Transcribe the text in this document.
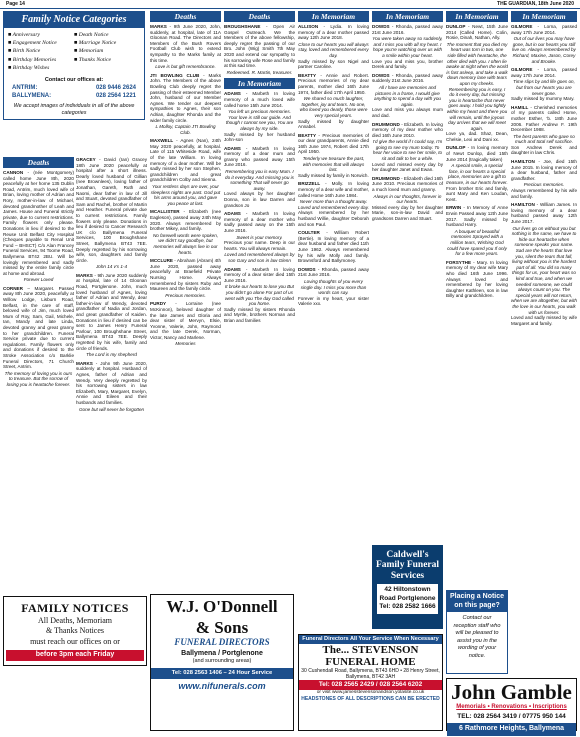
Page 14	THE GUARDIAN, 18th June 2020
Family Notice Categories
■ Anniversary
■ Engagement Notice
■ Birth Notice
■ Birthday Memories
■ Birthday Wishes
■ Death Notice
■ Marriage Notice
■ Memoriam
■ Thanks Notice
Contact our offices at:
ANTRIM:	028 9446 2624
BALLYMENA:	028 2564 1221
We accept images of individuals in all of the above categories
Deaths
CANNON - (née Montgomery) called home June 8th, 2020 peacefully at her home 135 Dublin Road, Antrim, much loved wife of Brian, loving mother of Adrian and Rory, mother-in-law of Michael, devoted grandmother of Leah and James. House and Funeral strictly private, due to current restrictions. Family flowers only please. Donations in lieu if desired to the Reuse Unit Belfast City Hospital (Cheques payable to Renal Unit Fund – BHSCT) C/o Alan Francey Funeral Services, 94 Toome Road, Ballymena BT42 2BU. Will be lovingly remembered and sadly missed by the entire family circle at home and abroad.
Forever Loved
CORNER – Margaret. Passed away 8th June 2020, peacefully at Willow Lodge, Lisburn Road, Belfast, in the care of staff, beloved wife of Jim, much loved Mum of Roy, Sam, Gail, Michele, Ian, Mandy and late Linda, devoted granny and great granny to her grandchildren. Funeral Service private due to current regulations. Family flowers only and donations if desired to the Stroke Association c/o Barklie Funeral Directors, 71 Church Street, Antrim.
The memory of loving you is ours to treasure. But the sorrow of losing you is heartache forever.
FAMILY NOTICES
All Deaths, Memoriam
& Thanks Notices
must reach our offices on or
before 3pm each Friday
GRACEY - David (Ian) Gracey 18th June 2020 peacefully at hospital after a short illness. Dearly loved husband of Gillian (nee Brownlees), loving father of Jonathan, Gareth, Ruth and Naomi, dear father in law of Jill and Stuart, devoted grandfather of Sam and Rachel, brother of Martin and Heather. Funeral private due to current restrictions. Family flowers only please. Donations in lieu if desired to Cancer Research UK c/o Ballymena Funeral Services, 100 Broughshane Street, Ballymena BT43 7EE. Deeply regretted by his sorrowing wife, son, daughters and family circle.
John 14 v's 1-4
MARKS - 9th June 2020 suddenly at hospital, late of 14 Gloonan Road, Portglenone. John, much loved husband of Agnes, loving father of Adrian and Wendy, dear father-in-law of Wendy, devoted grandfather of Nadia and Jordan, and great grandfather of Kaiden. Donations in lieu if desired can be sent to James Henry Funeral Parlour, 100 Broughshane Street, Ballymena BT43 7EE. Deeply regretted by his wife, family and circle of friends.
The Lord is my shepherd
MARKS - John 9th June 2020, suddenly at hospital. Husband of Agnes, father of Adrian and Wendy. Very deeply regretted by his sorrowing sisters in law Elizabeth, Mary, Margaret, Evelyn, Annie and Eileen and their husbands and families.
Gone but will never be forgotten
Deaths
MARKS - 9th June 2020, John, suddenly, at hospital, late of 11A Gloonan Road. The Directors and Members of the Bush Rovers Football Club wish to extend sympathy to the Marks family at this time.
Love is but gift remembrance.
JTI BOWLING CLUB - Marks John. The Members of the above Bowling Club deeply regret the passing of their esteemed Member John, husband of our Member Agnes. We tender our deepest sympathies to Agnes, their son Adrian, daughter Rhonda and the wider family circle.
L Molloy, Captain JTI Bowling Club.
MAXWELL - Agnes (Nan), 24th May 2020 peacefully, at hospital. Late of 115 Whiteside Road, wife of the late William. In loving memory of a dear mother. Will be sadly missed by her son Stephen, grandchildren and great grandchildren Colby and Sienna.
Your restless days are over, your sleepless nights are past. God put his arms around you, and gave you peace at last.
MCALLISTER - Elizabeth (nee Eagleson), passed away 24th May 2020. Always remembered by brother Mikey, and family.
No farewell words were spoken, we didn't say goodbye, but memories will always live in our hearts.
MCCLURE - Abraham (Abram) 4th June 2020, passed away peacefully at Braefield Private Nursing Home. Always remembered by sisters Ruby and Maureen and the family circle.
Precious memories.
PURDY - Lorraine (nee McKinnon), beloved daughter of the late James and Gloria and dear sister of Mervyn, Elsie, Yvonne, Valerie, John, Raymond and the late Derek, Norman, Victor, Nancy and Marlene.
Memories
Deaths
BROUGHSHANE - Open Air Gospel Outreach. We the Members of the above fellowship, deeply regret the passing of our Bro. John (Wig) Smith 7th May 2020 and extend our sympathy to his sorrowing wife Rose and family at this sad time.
Redeemed. R. Martin, treasurer.
In Memoriam
ADAMS - Marbeth In loving memory of a much loved wife called home 15th June 2014.
You left us precious memories. Your love is still our guide. And though I cannot see you, You are always by my side.
Sadly missed by her husband John-son
ADAMS - Marbeth In loving memory of a dear mum and granny who passed away 15th June 2016.
Remembering you is easy Mum. I do it everyday. And missing you is something That will never go away.
Loved always by her daughter Donna, son in law Darren and grandson Jo
ADAMS - Marbeth In loving memory of a dear mother who sadly passed away on the 15th June 2016.
Sweet is your memory.
Precious your name. Deep in our hearts. You will always remain.
Loved and remembered always by son Gary and son in law Glenn
ADAMS - Marbeth In loving memory of a dear sister died 15th June 2016.
It broke our hearts to lose you But you didn't go alone For part of us went with you The day God called you home.
Sadly missed by sisters Rhonda and Myrtle, brothers Norman and Brian and families
In Memoriam
ALLISON - Lydia. In loving memory of a dear mother passed away 12th June 2018.
Close to our hearts you will always stay, loved and remembered every day.
Sadly missed by son Nigel and partner Caroline.
BEATTY - Annie and Robert. Precious memories of my dear parents, mother died 16th June 1974, father died 17th April 1950.
We shared so much laughter, together, joy and tears. No one, who loved you dearly, those were very special years.
Sadly missed by daughter Annabel.
BEATTY - Precious memories of our dear grandparents, Annie died 16th June 1974, Robert died 17th April 1950.
Tenderly we treasure the past, with memories that will always last.
Sadly missed by family in Norwich.
BRIZZELL - Molly. In loving memory of a dear wife and mother, called Home 16th June 1984.
Never more than a thought away. Loved and remembered every day.
Always remembered by her husband Willie, daughter Deborah and son Paul.
COULTER - William Robert (Bertie). In loving memory of a dear husband and father died 11th June 1962. Always remembered by his wife Molly and family. Brownsford and Ballymoney.
DOWDS - Rhonda, passed away 21st June 2016.
Loving thoughts of you every single day. I miss you more than words can say.
Forever in my heart, your sister Valerie xxx.
In Memoriam
DOWDS - Rhonda, passed away 21st June 2016.
You were taken away so suddenly, and I miss you with all my heart. I hope you're watching over us with a smile within your heart.
Love you and miss you, brother Derek and family.
DOWDS - Rhonda, passed away suddenly 21st June 2016.
All I have are memories and pictures in a frame, I would give anything to spend a day with you again.
Love and miss you always mum and dad.
DRUMMOND - Elizabeth. In loving memory of my dear mother who died 16th June 2010.
I'd give the world if I could say, I'm going to see my mum today. To hear her voice to see her smile, to sit and talk to her a while.
Loved and missed every day by her daughter Janet and Ewan.
DRUMMOND - Elizabeth died 16th June 2010. Precious memories of a much loved mum and granny.
Always in our thoughts, forever in our hearts.
Missed every day by her daughter Marie, son-in-law David and grandsons Darren and Stuart.
In Memoriam
DUNLOP - Newt, 15th June 2014 (Called Home). Colin, Rosie, Dinah, Nathan, Ally.
The moment that you died my heart was torn in two, one side filled with heartache, the other died with you. I often lie awake at night when the world is fast asleep, and take a walk down memory lane with tears upon my cheeks. Remembering you is easy, I do it every day, but missing you is heartache that never goes away. I hold you tightly within my heart and there you will remain, until the joyous day arrives that we will meet again.
Love ya, dad. Shaz, Dean, Chelsie, Lexi and Dani xx.
DUNLOP - In loving memory of Newt Dunlop, died 15th June 2014 (tragically taken)
A special smile, a special face, in our hearts a special place, memories are a gift to treasure, in our hearts forever.
From brother Eric and family, aunt Mary and Ken Loudan, Kent.
ERWIN - In Memory of Anne Erwin Passed away 12th June 2017. Sadly missed by husband Harry.
A bouquet of beautiful memories Sprayed with a million tears, Wishing God could have spared you If only for a few more years.
FORSYTHE - Mary. In loving memory of my dear wife Mary who died 16th June 1996. Always loved and remembered by her loving daughter Kathleen, son in law Billy and grandchildren.
In Memoriam
GILMORE - Lorna, passed away 17th June 2014.
Out of our lives you may have gone, but in our hearts you still live on. Always remembered by Richard, Maxine, Jason, Corey and Brooke.
GILMORE - Lorna, passed away 17th June 2014.
Time slips by and life goes on, but from our hearts you are never gone.
Sadly missed by mummy Mary.
HAMILL - Cherished memories of my parents called Home, mother Esther, 'b. 18th June 2006. Father Andrew F. 19th December 1988.
The best parents who gave so much and total self sacrifice.
Son Andrew Derek and daughter in law Chris.
HAMILTON - Joe, died 15th June 2015. In loving memory of a dear husband, father and grandfather.
Precious memories.
Always remembered by his wife and family.
HAMILTON - William James. In loving memory of a dear husband passed away 12th June 2017.
Our lives go on without you but nothing is the same, we have to hide our heartache when someone speaks your name. Sad are the hearts that love you, silent the tears that fall, living without you is the hardest part of all. You did so many things for us, your heart was so kind and true, and when we needed someone, we could always count on you. The special years will not return, when we are altogether, but with the love in our hearts, you walk with us forever.
Loved and sadly missed by wife Margaret and family.
W.J. O'Donnell
& Sons
FUNERAL DIRECTORS
Ballymena / Portglenone
(and surrounding areas)
Tel: 028 2563 1406 – 24 Hour Service
www.nifunerals.com
Caldwell's Family Funeral Services
42 Hiltonstown Road Portglenone
Tel: 028 2582 1666
Funeral Directors All Your Service When Necessary
The... STEVENSON
FUNERAL HOME
30 Cushendall Road, Ballymena, BT43 6HD • 28 Henry Street, Ballymena, BT42 3AH
Tel: 028 2565 2429 / 028 2564 6202
or visit www.jamesstevensonandson.yolasite.co.uk
HEADSTONES OF ALL DESCRIPTIONS CAN BE ERECTED
Placing a Notice on this page?
Contact our reception staff who will be pleased to assist you in the wording of your notice.
John Gamble
Memorials • Renovations • Inscriptions
TEL: 028 2564 3419 / 07775 950 144
6 Rathmore Heights, Ballymena
